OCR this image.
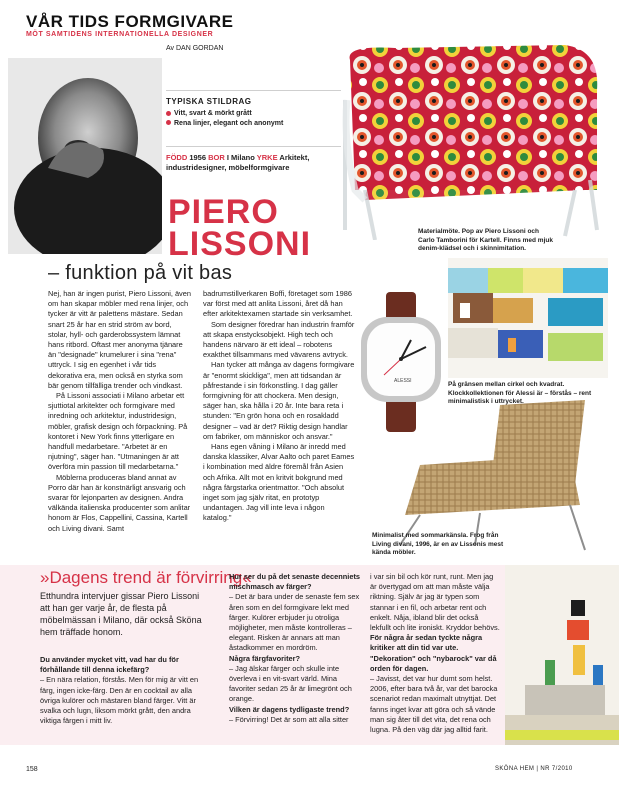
VÅR TIDS FORMGIVARE
MÖT SAMTIDENS INTERNATIONELLA DESIGNER
Av DAN GORDAN
TYPISKA STILDRAG
Vitt, svart & mörkt grått
Rena linjer, elegant och anonymt
FÖDD 1956 BOR I Milano YRKE Arkitekt, industridesigner, möbelformgivare
PIERO
LISSONI
– funktion på vit bas
Materialmöte. Pop av Piero Lissoni och Carlo Tamborini för Kartell. Finns med mjuk denim-klädsel och i skinnimitation.
På gränsen mellan cirkel och kvadrat. Klockkollektionen för Alessi är – förstås – rent minimalistisk i uttrycket.
ALESSI
Minimalist med sommarkänsla. Frog från Living divani, 1996, är en av Lissonis mest kända möbler.

Nej, han är ingen purist, Piero Lissoni, även om han skapar möbler med rena linjer, och tycker är vitt är palettens mästare. Sedan snart 25 år har en strid ström av bord, stolar, hyll- och garderobssystem lämnat hans ritbord. Oftast mer anonyma tjänare än "designade" krumelurer i sina "rena" uttryck. I sig en egenhet i vår tids dekorativa era, men också en styrka som bär genom tillfälliga trender och vindkast.

På Lissoni associati i Milano arbetar ett sjuttiotal arkitekter och formgivare med inredning och arkitektur, industridesign, möbler, grafisk design och förpackning. På kontoret i New York finns ytterligare en handfull medarbetare. "Arbetet är en njutning", säger han. "Utmaningen är att överföra min passion till medarbetarna."

Möblerna produceras bland annat av Porro där han är konstnärligt ansvarig och svarar för lejonparten av designen. Andra välkända italienska producenter som anlitar honom är Flos, Cappellini, Cassina, Kartell och Living divani. Samt

badrumstillverkaren Boffi, företaget som 1986 var först med att anlita Lissoni, året då han efter arkitektexamen startade sin verksamhet.

Som designer föredrar han industrin framför att skapa enstycksobjekt. High tech och handens närvaro är ett ideal – robotens exakthet tillsammans med vävarens avtryck.

Han tycker att många av dagens formgivare är "enormt skickliga", men att tidsandan är påfrestande i sin förkonstling. I dag gäller formgivning för att chockera. Men design, säger han, ska hålla i 20 år. Inte bara reta i stunden: "En grön hona och en rosakladd designer – vad är det? Riktig design handlar om fabriker, om människor och ansvar."

Hans egen våning i Milano är inredd med danska klassiker, Alvar Aalto och paret Eames i kombination med äldre föremål från Asien och Afrika. Allt mot en kritvit bokgrund med några färgstarka orientmattor. "Och absolut inget som jag själv ritat, en prototyp undantagen. Jag vill inte leva i någon katalog."

»Dagens trend är förvirring«
Etthundra intervjuer gissar Piero Lissoni att han ger varje år, de flesta på möbelmässan i Milano, där också Sköna hem träffade honom.

Du använder mycket vitt, vad har du för förhållande till denna ickefärg?

– En nära relation, förstås. Men för mig är vitt en färg, ingen icke-färg. Den är en cocktail av alla övriga kulörer och mästaren bland färger. Vitt är svalka och lugn, liksom mörkt grått, den andra viktiga färgen i mitt liv.

Hur ser du på det senaste decenniets mischmasch av färger?

– Det är bara under de senaste fem sex åren som en del formgivare lekt med färger. Kulörer erbjuder ju otroliga möjligheter, men måste kontrolleras – elegant. Risken är annars att man åstadkommer en mordröm.

Några färgfavoriter?

– Jag älskar färger och skulle inte överleva i en vit-svart värld. Mina favoriter sedan 25 år är limegrönt och orange.

Vilken är dagens tydligaste trend?

– Förvirring! Det är som att alla sitter

i var sin bil och kör runt, runt. Men jag är övertygad om att man måste välja riktning. Själv är jag är typen som stannar i en fil, och arbetar rent och enkelt. Nåja, ibland blir det också lekfullt och lite ironiskt. Kryddor behövs.

För några år sedan tyckte några kritiker att din tid var ute. "Dekoration" och "nybarock" var då orden för dagen.

– Javisst, det var hur dumt som helst. 2006, efter bara två år, var det barocka scenariot redan maximalt utnyttjat. Det fanns inget kvar att göra och så vände man sig åter till det vita, det rena och lugna. På den väg där jag alltid farit.

158	SKÖNA HEM | NR 7/2010
